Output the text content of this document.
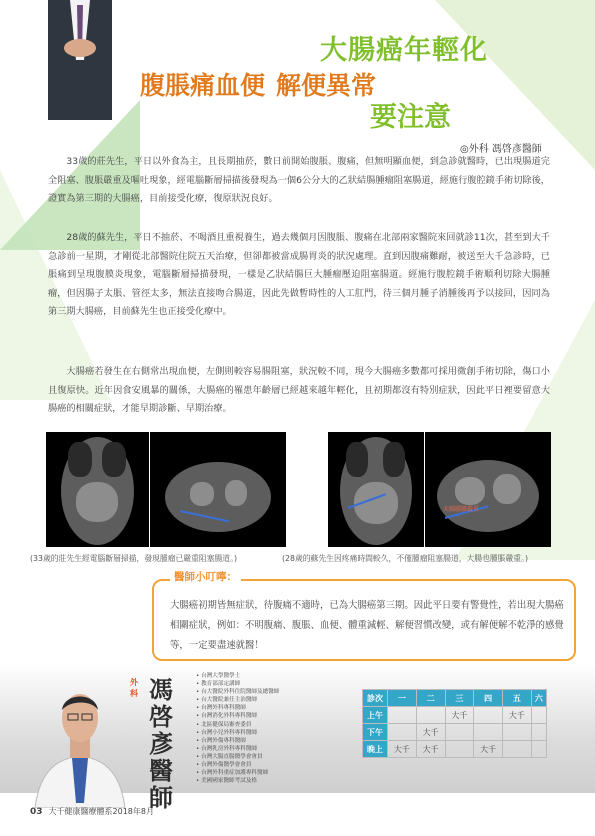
大腸癌年輕化
腹脹痛血便 解便異常
要注意
◎外科 馮啓彥醫師

33歲的莊先生，平日以外食為主，且長期抽菸，數日前開始腹脹、腹痛，但無明顯血便，到急診就醫時，已出現腸道完全阻塞、腹脹嚴重及嘔吐現象，經電腦斷層掃描後發現為一個6公分大的乙狀結腸腫瘤阻塞腸道，經施行腹腔鏡手術切除後，證實為第三期的大腸癌，目前接受化療，復原狀況良好。

28歲的蘇先生，平日不抽菸、不喝酒且重視養生，過去幾個月因腹脹、腹痛在北部兩家醫院來回就診11次，甚至到大千急診前一星期，才剛從北部醫院住院五天治療，但卻都被當成腸胃炎的狀況處理。直到因腹痛難耐，被送至大千急診時，已脹痛到呈現腹膜炎現象，電腦斷層掃描發現，一樣是乙狀結腸巨大腫瘤壓迫阻塞腸道。經施行腹腔鏡手術順利切除大腸腫瘤，但因腸子太脹、管徑太多，無法直接吻合腸道，因此先做暫時性的人工肛門，待三個月腫子消腫後再予以接回，因同為第三期大腸癌，目前蘇先生也正接受化療中。

大腸癌若發生在右側常出現血便，左側則較容易腸阻塞，狀況較不同，現今大腸癌多數都可採用微創手術切除，傷口小且復原快。近年因食安風暴的關係，大腸癌的罹患年齡層已經越來越年輕化，且初期都沒有特別症狀，因此平日裡要留意大腸癌的相關症狀，才能早期診斷、早期治療。

大腸腫脹嚴重
(33歲的莊先生經電腦斷層掃描，發現腫瘤已嚴重阻塞腸道。)	(28歲的蘇先生因疼痛時間較久，不僅腫瘤阻塞腸道，大腸也腫脹嚴重。)
醫師小叮嚀：
大腸癌初期皆無症狀，待腹痛不適時，已為大腸癌第三期。因此平日要有警覺性，若出現大腸癌相關症狀，例如：不明腹痛、腹脹、血便、體重減輕、解便習慣改變，或有解便解不乾淨的感覺等，一定要盡速就醫！
外科 馮啓彥醫師
• 台灣大學醫學士
• 教育部部定講師
• 台大醫院外科住院醫師及總醫師
• 台大醫院兼任主治醫師
• 台灣外科專科醫師
• 台灣消化外科專科醫師
• 北區健保局審查委員
• 台灣小兒外科專科醫師
• 台灣外傷專科醫師
• 台灣乳房外科專科醫師
• 台灣大腸直腸醫學會會員
• 台灣外傷醫學會會員
• 台灣外科重症加護專科醫師
• 美國國家醫師考試及格
診次	一	二	三	四	五	六
上午			大千		大千	
下午		大千				
晚上	大千	大千		大千		
03 大千健康醫療體系2018年8月
